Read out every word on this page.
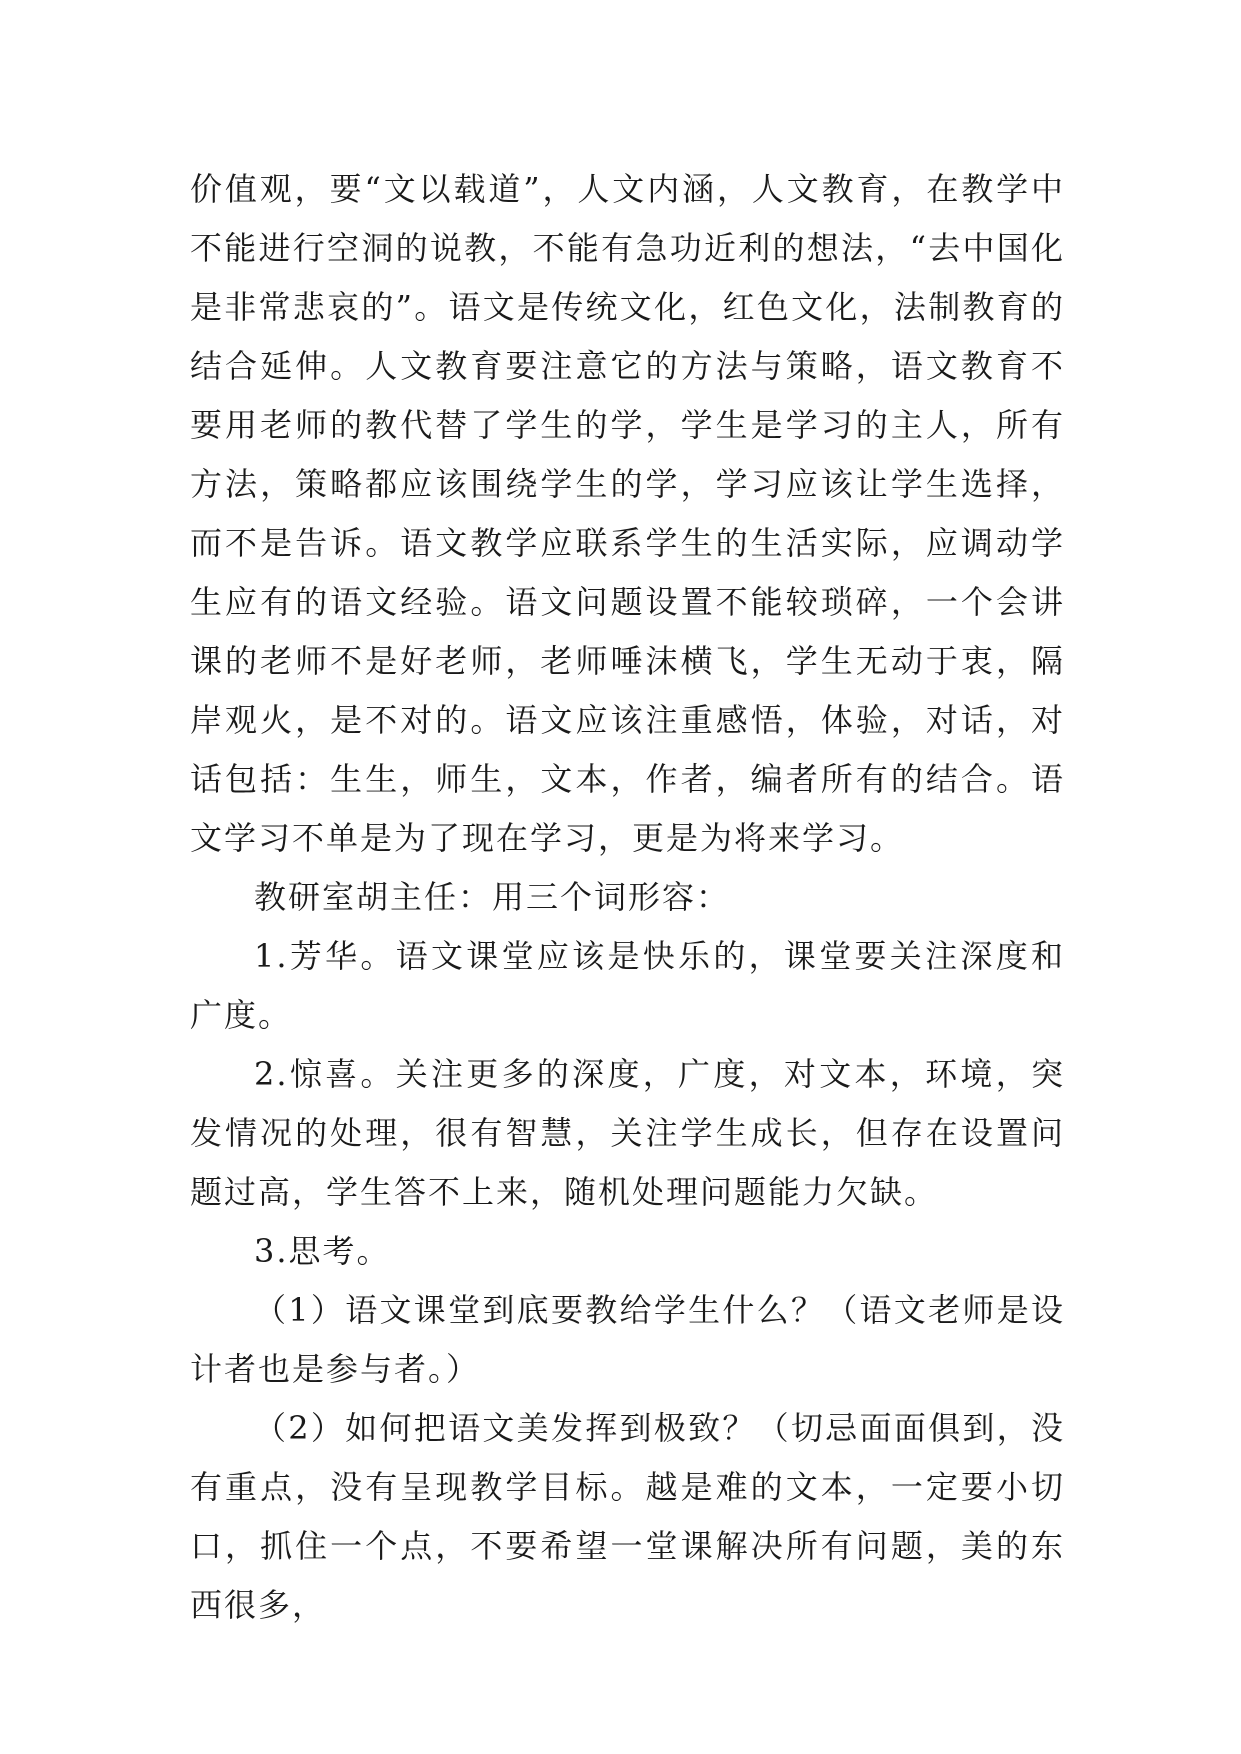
价值观，要“文以载道”，人文内涵，人文教育，在教学中不能进行空洞的说教，不能有急功近利的想法，“去中国化是非常悲哀的”。语文是传统文化，红色文化，法制教育的结合延伸。人文教育要注意它的方法与策略，语文教育不要用老师的教代替了学生的学，学生是学习的主人，所有方法，策略都应该围绕学生的学，学习应该让学生选择，而不是告诉。语文教学应联系学生的生活实际，应调动学生应有的语文经验。语文问题设置不能较琐碎，一个会讲课的老师不是好老师，老师唾沫横飞，学生无动于衷，隔岸观火，是不对的。语文应该注重感悟，体验，对话，对话包括：生生，师生，文本，作者，编者所有的结合。语文学习不单是为了现在学习，更是为将来学习。

教研室胡主任：用三个词形容：

1.芳华。语文课堂应该是快乐的，课堂要关注深度和广度。

2.惊喜。关注更多的深度，广度，对文本，环境，突发情况的处理，很有智慧，关注学生成长，但存在设置问题过高，学生答不上来，随机处理问题能力欠缺。

3.思考。

（1）语文课堂到底要教给学生什么？（语文老师是设计者也是参与者。）

（2）如何把语文美发挥到极致？（切忌面面俱到，没有重点，没有呈现教学目标。越是难的文本，一定要小切口，抓住一个点，不要希望一堂课解决所有问题，美的东西很多，
